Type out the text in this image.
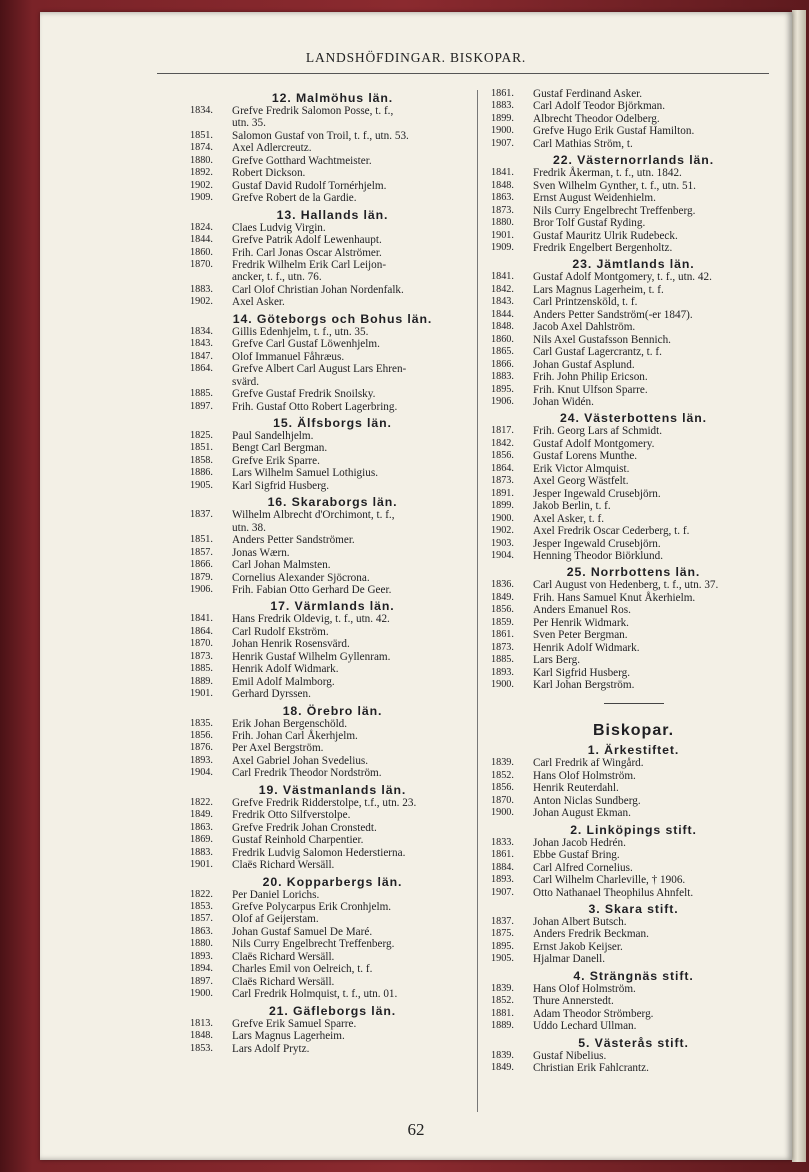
LANDSHÖFDINGAR. BISKOPAR.
12. Malmöhus län.
1834.	Grefve Fredrik Salomon Posse, t. f.,
utn. 35.
1851.	Salomon Gustaf von Troil, t. f., utn. 53.
1874.	Axel Adlercreutz.
1880.	Grefve Gotthard Wachtmeister.
1892.	Robert Dickson.
1902.	Gustaf David Rudolf Tornérhjelm.
1909.	Grefve Robert de la Gardie.
13. Hallands län.
1824.	Claes Ludvig Virgin.
1844.	Grefve Patrik Adolf Lewenhaupt.
1860.	Frih. Carl Jonas Oscar Alströmer.
1870.	Fredrik Wilhelm Erik Carl Leijon-
ancker, t. f., utn. 76.
1883.	Carl Olof Christian Johan Nordenfalk.
1902.	Axel Asker.
14. Göteborgs och Bohus län.
1834.	Gillis Edenhjelm, t. f., utn. 35.
1843.	Grefve Carl Gustaf Löwenhjelm.
1847.	Olof Immanuel Fåhræus.
1864.	Grefve Albert Carl August Lars Ehren-
svärd.
1885.	Grefve Gustaf Fredrik Snoilsky.
1897.	Frih. Gustaf Otto Robert Lagerbring.
15. Älfsborgs län.
1825.	Paul Sandelhjelm.
1851.	Bengt Carl Bergman.
1858.	Grefve Erik Sparre.
1886.	Lars Wilhelm Samuel Lothigius.
1905.	Karl Sigfrid Husberg.
16. Skaraborgs län.
1837.	Wilhelm Albrecht d'Orchimont, t. f.,
utn. 38.
1851.	Anders Petter Sandströmer.
1857.	Jonas Wærn.
1866.	Carl Johan Malmsten.
1879.	Cornelius Alexander Sjöcrona.
1906.	Frih. Fabian Otto Gerhard De Geer.
17. Värmlands län.
1841.	Hans Fredrik Oldevig, t. f., utn. 42.
1864.	Carl Rudolf Ekström.
1870.	Johan Henrik Rosensvärd.
1873.	Henrik Gustaf Wilhelm Gyllenram.
1885.	Henrik Adolf Widmark.
1889.	Emil Adolf Malmborg.
1901.	Gerhard Dyrssen.
18. Örebro län.
1835.	Erik Johan Bergenschöld.
1856.	Frih. Johan Carl Åkerhjelm.
1876.	Per Axel Bergström.
1893.	Axel Gabriel Johan Svedelius.
1904.	Carl Fredrik Theodor Nordström.
19. Västmanlands län.
1822.	Grefve Fredrik Ridderstolpe, t.f., utn. 23.
1849.	Fredrik Otto Silfverstolpe.
1863.	Grefve Fredrik Johan Cronstedt.
1869.	Gustaf Reinhold Charpentier.
1883.	Fredrik Ludvig Salomon Hederstierna.
1901.	Claës Richard Wersäll.
20. Kopparbergs län.
1822.	Per Daniel Lorichs.
1853.	Grefve Polycarpus Erik Cronhjelm.
1857.	Olof af Geijerstam.
1863.	Johan Gustaf Samuel De Maré.
1880.	Nils Curry Engelbrecht Treffenberg.
1893.	Claës Richard Wersäll.
1894.	Charles Emil von Oelreich, t. f.
1897.	Claës Richard Wersäll.
1900.	Carl Fredrik Holmquist, t. f., utn. 01.
21. Gäfleborgs län.
1813.	Grefve Erik Samuel Sparre.
1848.	Lars Magnus Lagerheim.
1853.	Lars Adolf Prytz.
1861.	Gustaf Ferdinand Asker.
1883.	Carl Adolf Teodor Björkman.
1899.	Albrecht Theodor Odelberg.
1900.	Grefve Hugo Erik Gustaf Hamilton.
1907.	Carl Mathias Ström, t.
22. Västernorrlands län.
1841.	Fredrik Åkerman, t. f., utn. 1842.
1848.	Sven Wilhelm Gynther, t. f., utn. 51.
1863.	Ernst August Weidenhielm.
1873.	Nils Curry Engelbrecht Treffenberg.
1880.	Bror Tolf Gustaf Ryding.
1901.	Gustaf Mauritz Ulrik Rudebeck.
1909.	Fredrik Engelbert Bergenholtz.
23. Jämtlands län.
1841.	Gustaf Adolf Montgomery, t. f., utn. 42.
1842.	Lars Magnus Lagerheim, t. f.
1843.	Carl Printzensköld, t. f.
1844.	Anders Petter Sandström(-er 1847).
1848.	Jacob Axel Dahlström.
1860.	Nils Axel Gustafsson Bennich.
1865.	Carl Gustaf Lagercrantz, t. f.
1866.	Johan Gustaf Asplund.
1883.	Frih. John Philip Ericson.
1895.	Frih. Knut Ulfson Sparre.
1906.	Johan Widén.
24. Västerbottens län.
1817.	Frih. Georg Lars af Schmidt.
1842.	Gustaf Adolf Montgomery.
1856.	Gustaf Lorens Munthe.
1864.	Erik Victor Almquist.
1873.	Axel Georg Wästfelt.
1891.	Jesper Ingewald Crusebjörn.
1899.	Jakob Berlin, t. f.
1900.	Axel Asker, t. f.
1902.	Axel Fredrik Oscar Cederberg, t. f.
1903.	Jesper Ingewald Crusebjörn.
1904.	Henning Theodor Biörklund.
25. Norrbottens län.
1836.	Carl August von Hedenberg, t. f., utn. 37.
1849.	Frih. Hans Samuel Knut Åkerhielm.
1856.	Anders Emanuel Ros.
1859.	Per Henrik Widmark.
1861.	Sven Peter Bergman.
1873.	Henrik Adolf Widmark.
1885.	Lars Berg.
1893.	Karl Sigfrid Husberg.
1900.	Karl Johan Bergström.
Biskopar.
1. Ärkestiftet.
1839.	Carl Fredrik af Wingård.
1852.	Hans Olof Holmström.
1856.	Henrik Reuterdahl.
1870.	Anton Niclas Sundberg.
1900.	Johan August Ekman.
2. Linköpings stift.
1833.	Johan Jacob Hedrén.
1861.	Ebbe Gustaf Bring.
1884.	Carl Alfred Cornelius.
1893.	Carl Wilhelm Charleville, † 1906.
1907.	Otto Nathanael Theophilus Ahnfelt.
3. Skara stift.
1837.	Johan Albert Butsch.
1875.	Anders Fredrik Beckman.
1895.	Ernst Jakob Keijser.
1905.	Hjalmar Danell.
4. Strängnäs stift.
1839.	Hans Olof Holmström.
1852.	Thure Annerstedt.
1881.	Adam Theodor Strömberg.
1889.	Uddo Lechard Ullman.
5. Västerås stift.
1839.	Gustaf Nibelius.
1849.	Christian Erik Fahlcrantz.
62
